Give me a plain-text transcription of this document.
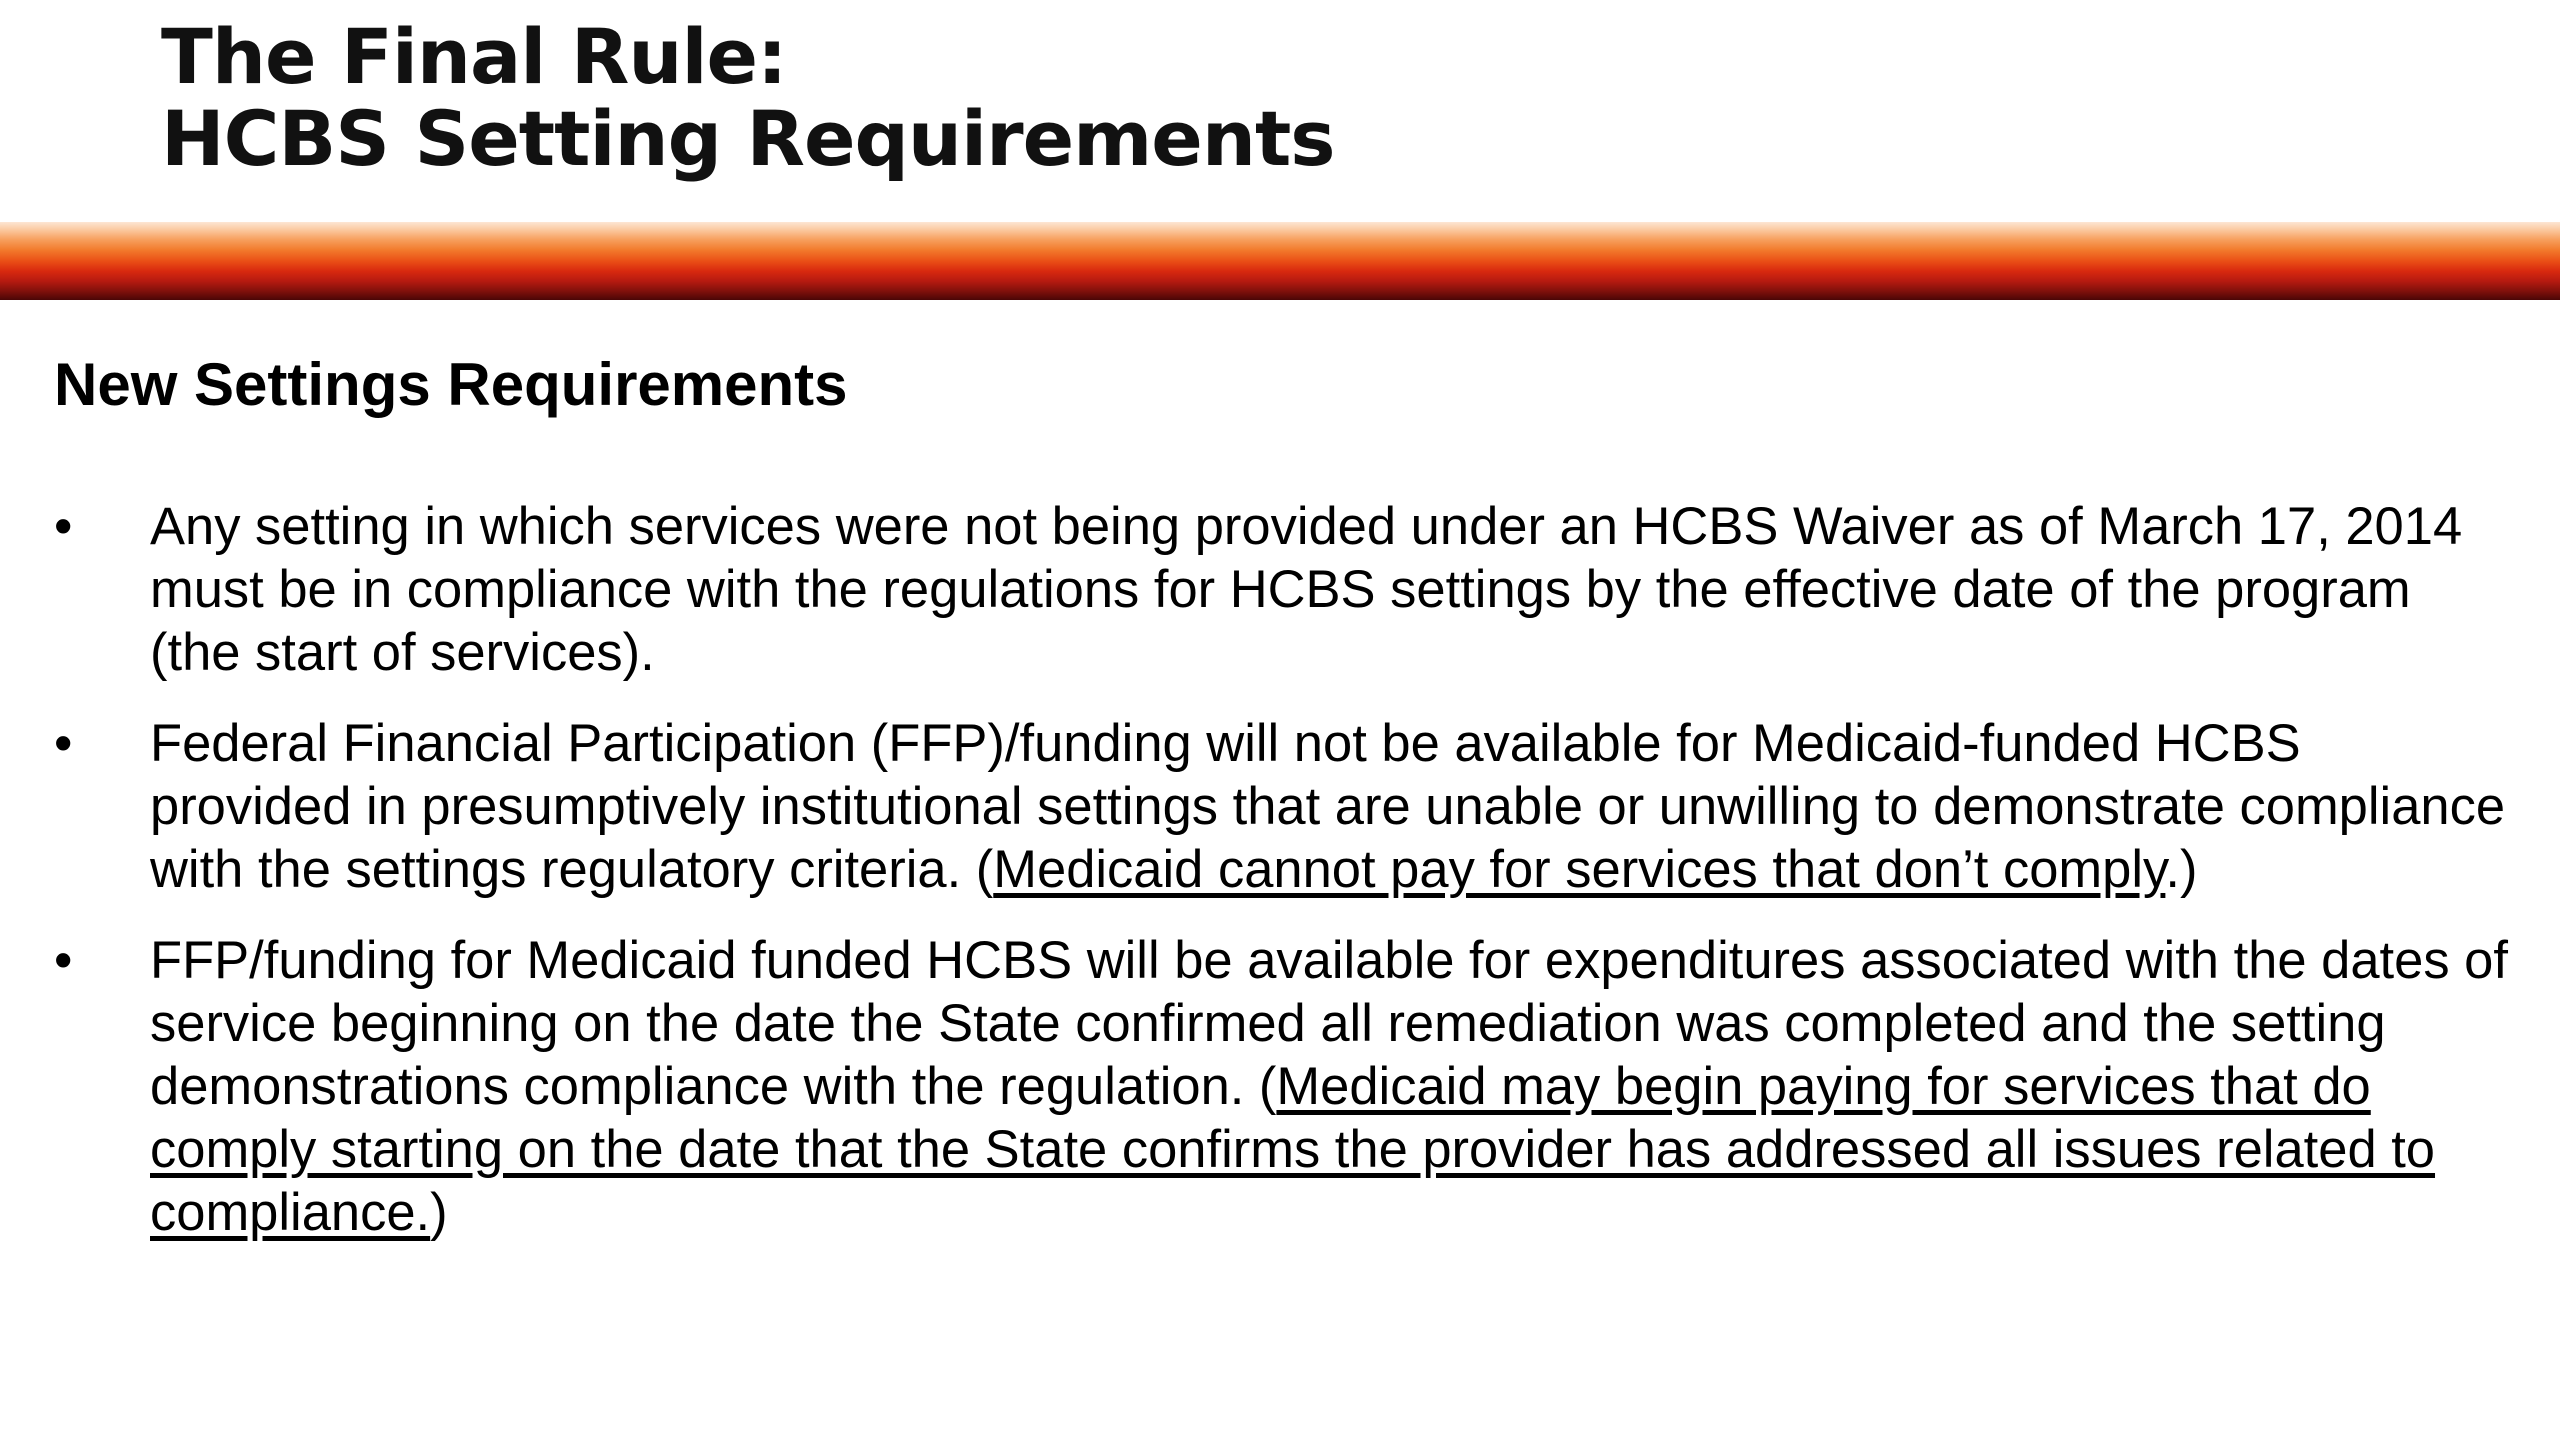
The Final Rule:
HCBS Setting Requirements
New Settings Requirements
•	Any setting in which services were not being provided under an HCBS Waiver as of March 17, 2014 must be in compliance with the regulations for HCBS settings by the effective date of the program (the start of services).
•	Federal Financial Participation (FFP)/funding will not be available for Medicaid-funded HCBS provided in presumptively institutional settings that are unable or unwilling to demonstrate compliance with the settings regulatory criteria. (Medicaid cannot pay for services that don’t comply.)
•	FFP/funding for Medicaid funded HCBS will be available for expenditures associated with the dates of service beginning on the date the State confirmed all remediation was completed and the setting demonstrations compliance with the regulation. (Medicaid may begin paying for services that do comply starting on the date that the State confirms the provider has addressed all issues related to compliance.)
